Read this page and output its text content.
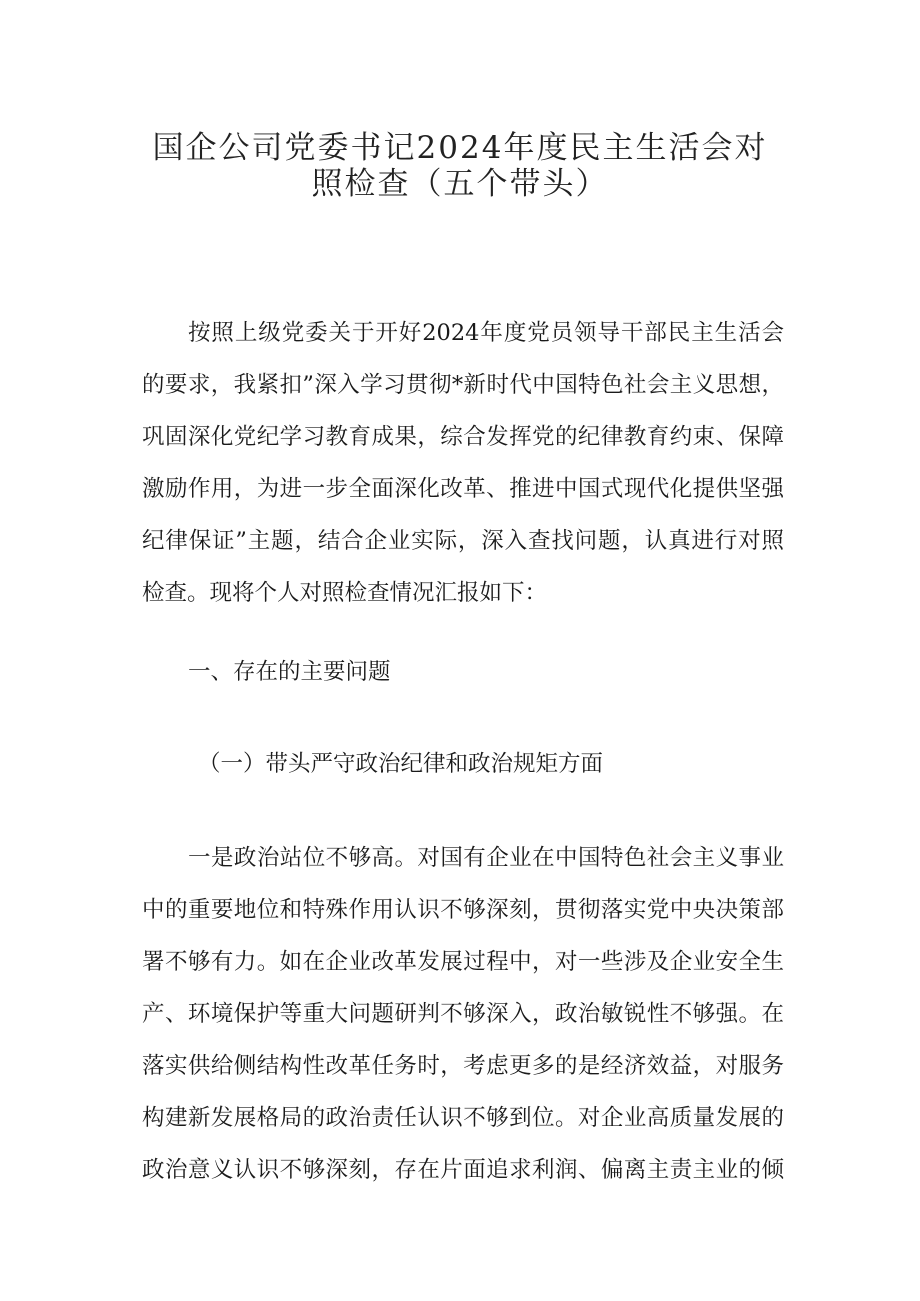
国企公司党委书记2024年度民主生活会对
照检查（五个带头）
按照上级党委关于开好2024年度党员领导干部民主生活会
的要求，我紧扣”深入学习贯彻*新时代中国特色社会主义思想，
巩固深化党纪学习教育成果，综合发挥党的纪律教育约束、保障
激励作用，为进一步全面深化改革、推进中国式现代化提供坚强
纪律保证”主题，结合企业实际，深入查找问题，认真进行对照
检查。现将个人对照检查情况汇报如下：
一、存在的主要问题
（一）带头严守政治纪律和政治规矩方面
一是政治站位不够高。对国有企业在中国特色社会主义事业
中的重要地位和特殊作用认识不够深刻，贯彻落实党中央决策部
署不够有力。如在企业改革发展过程中，对一些涉及企业安全生
产、环境保护等重大问题研判不够深入，政治敏锐性不够强。在
落实供给侧结构性改革任务时，考虑更多的是经济效益，对服务
构建新发展格局的政治责任认识不够到位。对企业高质量发展的
政治意义认识不够深刻，存在片面追求利润、偏离主责主业的倾
